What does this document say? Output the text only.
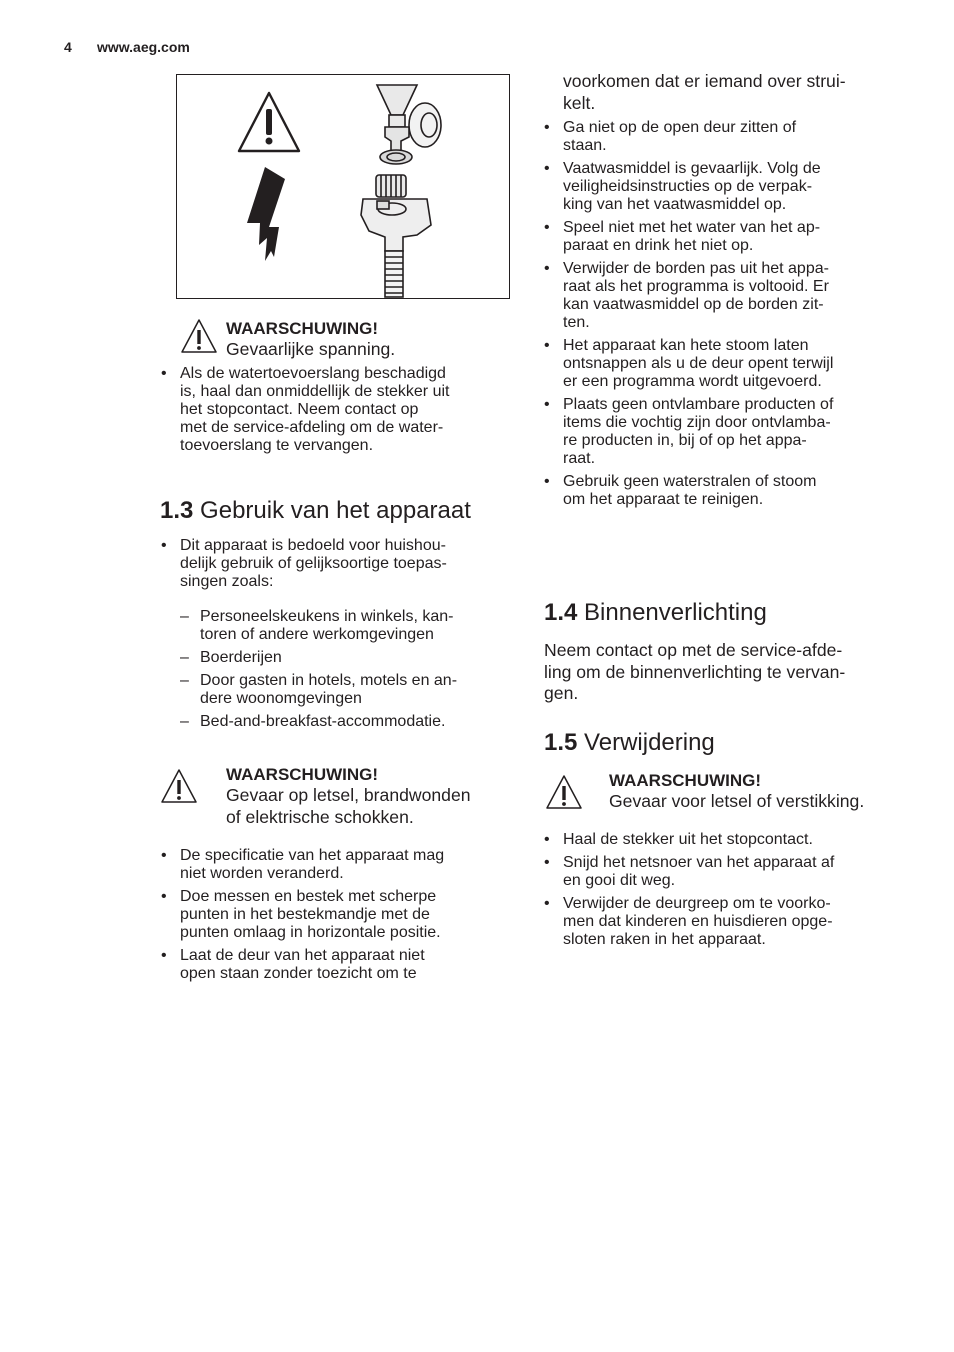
4 www.aeg.com
WAARSCHUWING!
Gevaarlijke spanning.
• Als de watertoevoerslang beschadigd
is, haal dan onmiddellijk de stekker uit
het stopcontact. Neem contact op
met de service-afdeling om de water-
toevoerslang te vervangen.
1.3 Gebruik van het apparaat
• Dit apparaat is bedoeld voor huishou-
delijk gebruik of gelijksoortige toepas-
singen zoals:
– Personeelskeukens in winkels, kan-
toren of andere werkomgevingen
– Boerderijen
– Door gasten in hotels, motels en an-
dere woonomgevingen
– Bed-and-breakfast-accommodatie.
WAARSCHUWING!
Gevaar op letsel, brandwonden
of elektrische schokken.
• De specificatie van het apparaat mag
niet worden veranderd.
• Doe messen en bestek met scherpe
punten in het bestekmandje met de
punten omlaag in horizontale positie.
• Laat de deur van het apparaat niet
open staan zonder toezicht om te
voorkomen dat er iemand over strui-
kelt.
• Ga niet op de open deur zitten of
staan.
• Vaatwasmiddel is gevaarlijk. Volg de
veiligheidsinstructies op de verpak-
king van het vaatwasmiddel op.
• Speel niet met het water van het ap-
paraat en drink het niet op.
• Verwijder de borden pas uit het appa-
raat als het programma is voltooid. Er
kan vaatwasmiddel op de borden zit-
ten.
• Het apparaat kan hete stoom laten
ontsnappen als u de deur opent terwijl
er een programma wordt uitgevoerd.
• Plaats geen ontvlambare producten of
items die vochtig zijn door ontvlamba-
re producten in, bij of op het appa-
raat.
• Gebruik geen waterstralen of stoom
om het apparaat te reinigen.
1.4 Binnenverlichting
Neem contact op met de service-afde-
ling om de binnenverlichting te vervan-
gen.
1.5 Verwijdering
WAARSCHUWING!
Gevaar voor letsel of verstikking.
• Haal de stekker uit het stopcontact.
• Snijd het netsnoer van het apparaat af
en gooi dit weg.
• Verwijder de deurgreep om te voorko-
men dat kinderen en huisdieren opge-
sloten raken in het apparaat.
